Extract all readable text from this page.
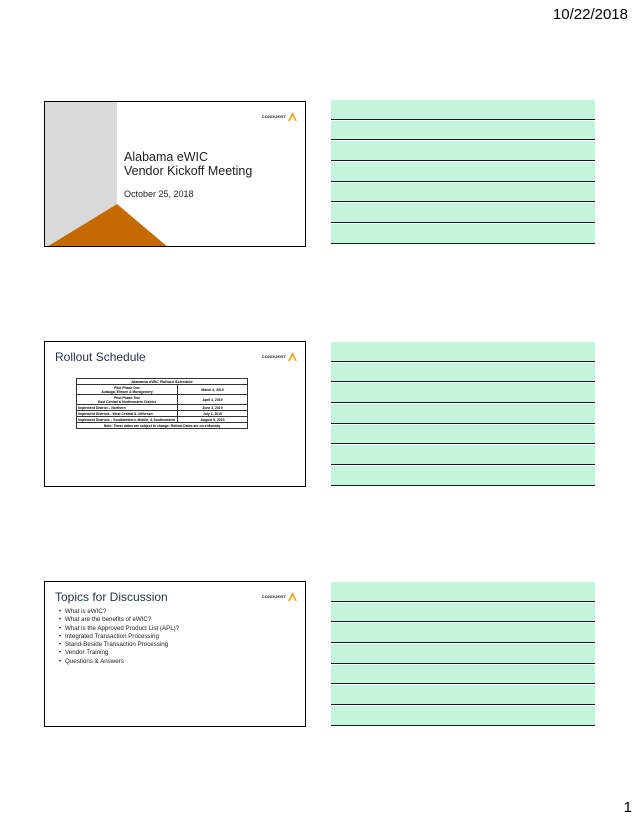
10/22/2018
CONDUENT
Alabama eWIC
Vendor Kickoff Meeting
October 25, 2018
Rollout Schedule	CONDUENT
Alabama eWIC Rollout Schedule	

Pilot Phase One
Autauga, Elmore & Montgomery	March 4, 2019

Pilot Phase Two
East Central & Northeastern District	April 1, 2019
Implement District – Northern	June 3, 2019
Implement Districts - West Central & Jefferson	July 1, 2019
Implement Districts – Southwestern, Mobile, & Southeastern	August 5, 2019
Note: These dates are subject to change. Rollout Dates are on a Monday	
Topics for Discussion	CONDUENT
• What is eWIC?
• What are the benefits of eWIC?
• What is the Approved Product List (APL)?
• Integrated Transaction Processing
• Stand-Beside Transaction Processing
• Vendor Training
• Questions & Answers
1
